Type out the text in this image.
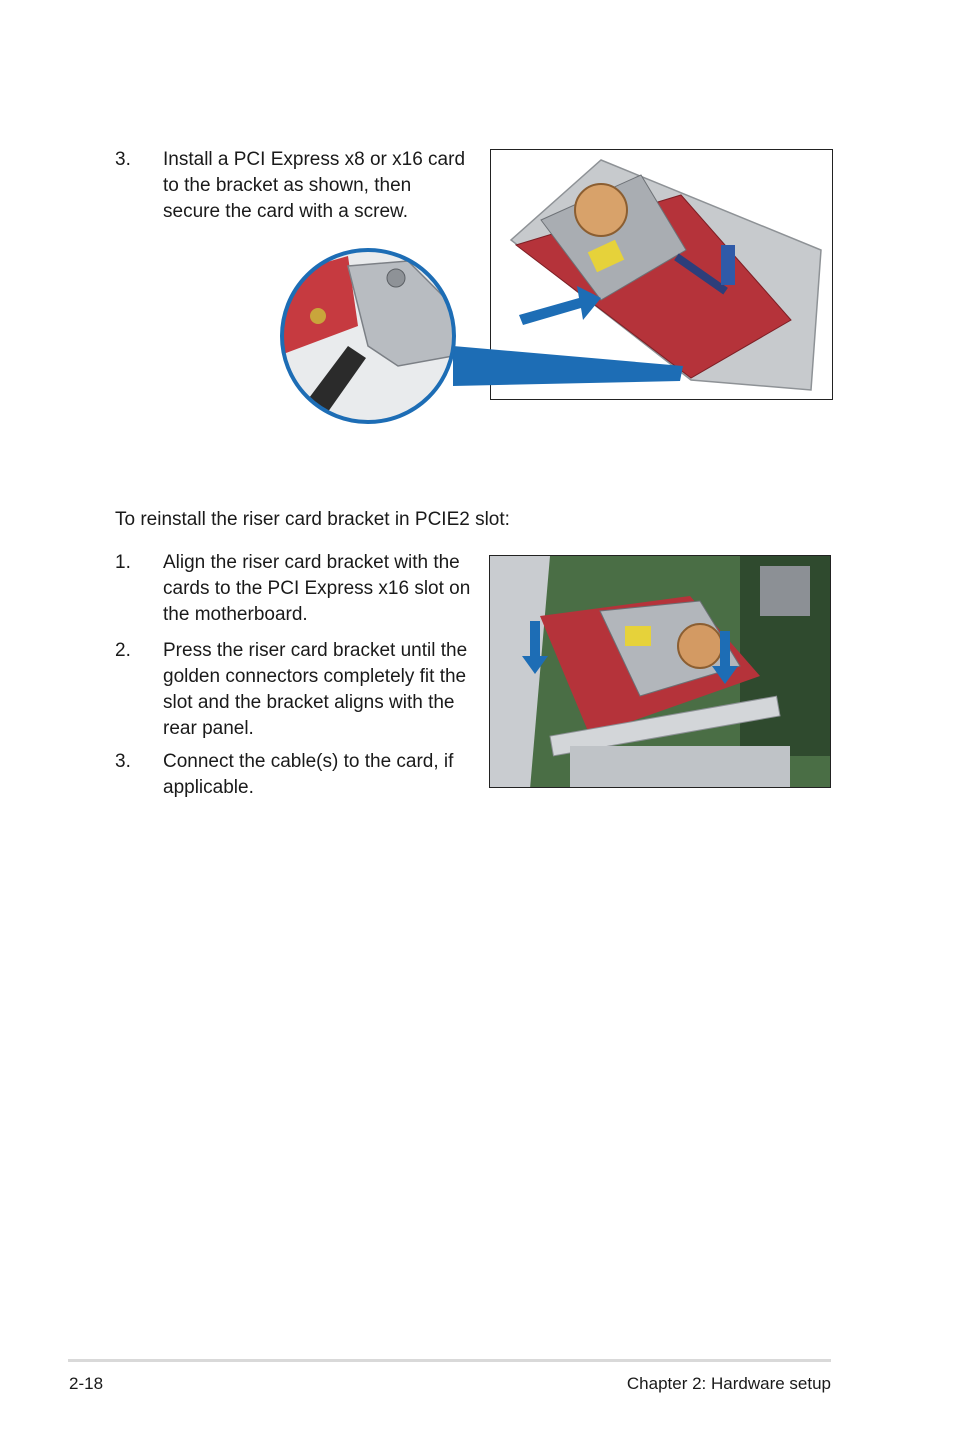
3. Install a PCI Express x8 or x16 card to the bracket as shown, then secure the card with a screw.
To reinstall the riser card bracket in PCIE2 slot:
1. Align the riser card bracket with the cards to the PCI Express x16 slot on the motherboard.
2. Press the riser card bracket until the golden connectors completely fit the slot and the bracket aligns with the rear panel.
3. Connect the cable(s) to the card, if applicable.
2-18	Chapter 2: Hardware setup
